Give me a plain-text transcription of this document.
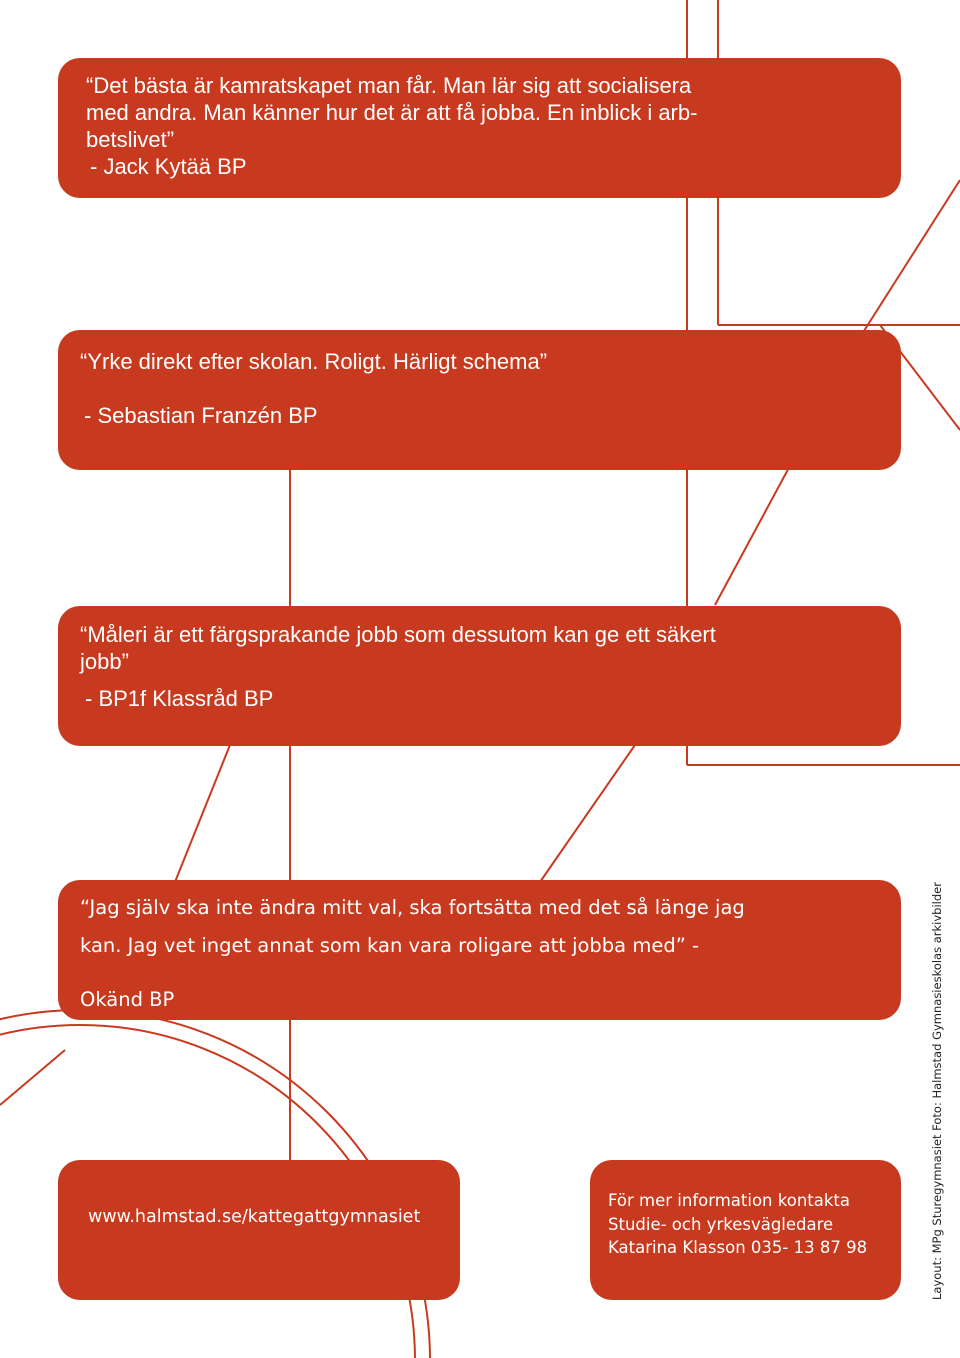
“Det bästa är kamratskapet man får. Man lär sig att socialisera

med andra. Man känner hur det är att få jobba. En inblick i arb-

betslivet”

- Jack Kytää BP

“Yrke direkt efter skolan. Roligt. Härligt schema”

- Sebastian Franzén BP

“Måleri är ett färgsprakande jobb som dessutom kan ge ett säkert

jobb”

- BP1f Klassråd BP

“Jag själv ska inte ändra mitt val, ska fortsätta med det så länge jag

kan. Jag vet inget annat som kan vara roligare att jobba med” -

Okänd BP

www.halmstad.se/kattegattgymnasiet

För mer information kontakta

Studie- och yrkesvägledare

Katarina Klasson 035- 13 87 98	Layout: MPg Sturegymnasiet Foto: Halmstad Gymnasieskolas arkivbilder
